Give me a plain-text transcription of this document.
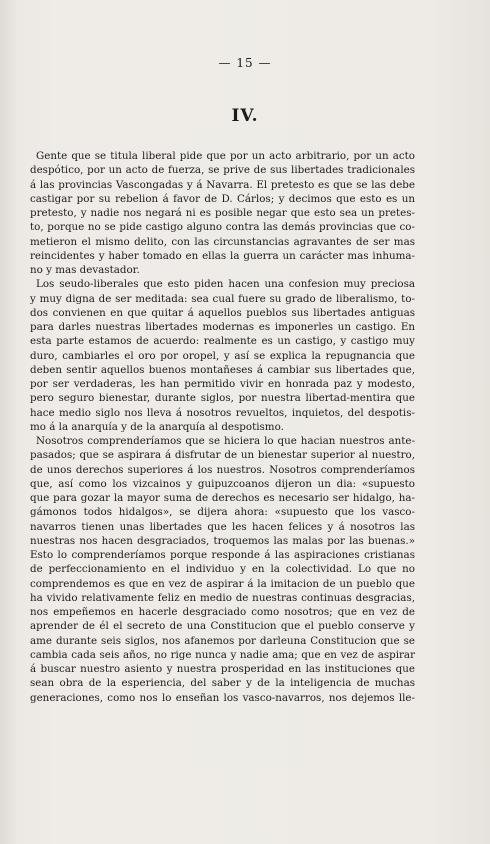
— 15 —
IV.
Gente que se titula liberal pide que por un acto arbitrario, por un acto
despótico, por un acto de fuerza, se prive de sus libertades tradicionales
á las provincias Vascongadas y á Navarra. El pretesto es que se las debe
castigar por su rebelion á favor de D. Cárlos; y decimos que esto es un
pretesto, y nadie nos negará ni es posible negar que esto sea un pretes-
to, porque no se pide castigo alguno contra las demás provincias que co-
metieron el mismo delito, con las circunstancias agravantes de ser mas
reincidentes y haber tomado en ellas la guerra un carácter mas inhuma-
no y mas devastador.
Los seudo-liberales que esto piden hacen una confesion muy preciosa
y muy digna de ser meditada: sea cual fuere su grado de liberalismo, to-
dos convienen en que quitar á aquellos pueblos sus libertades antiguas
para darles nuestras libertades modernas es imponerles un castigo. En
esta parte estamos de acuerdo: realmente es un castigo, y castigo muy
duro, cambiarles el oro por oropel, y así se explica la repugnancia que
deben sentir aquellos buenos montañeses á cambiar sus libertades que,
por ser verdaderas, les han permitido vivir en honrada paz y modesto,
pero seguro bienestar, durante siglos, por nuestra libertad-mentira que
hace medio siglo nos lleva á nosotros revueltos, inquietos, del despotis-
mo á la anarquía y de la anarquía al despotismo.
Nosotros comprenderíamos que se hiciera lo que hacian nuestros ante-
pasados; que se aspirara á disfrutar de un bienestar superior al nuestro,
de unos derechos superiores á los nuestros. Nosotros comprenderíamos
que, así como los vizcainos y guipuzcoanos dijeron un dia: «supuesto
que para gozar la mayor suma de derechos es necesario ser hidalgo, ha-
gámonos todos hidalgos», se dijera ahora: «supuesto que los vasco-
navarros tienen unas libertades que les hacen felices y á nosotros las
nuestras nos hacen desgraciados, troquemos las malas por las buenas.»
Esto lo comprenderíamos porque responde á las aspiraciones cristianas
de perfeccionamiento en el individuo y en la colectividad. Lo que no
comprendemos es que en vez de aspirar á la imitacion de un pueblo que
ha vivido relativamente feliz en medio de nuestras continuas desgracias,
nos empeñemos en hacerle desgraciado como nosotros; que en vez de
aprender de él el secreto de una Constitucion que el pueblo conserve y
ame durante seis siglos, nos afanemos por darleuna Constitucion que se
cambia cada seis años, no rige nunca y nadie ama; que en vez de aspirar
á buscar nuestro asiento y nuestra prosperidad en las instituciones que
sean obra de la esperiencia, del saber y de la inteligencia de muchas
generaciones, como nos lo enseñan los vasco-navarros, nos dejemos lle-
